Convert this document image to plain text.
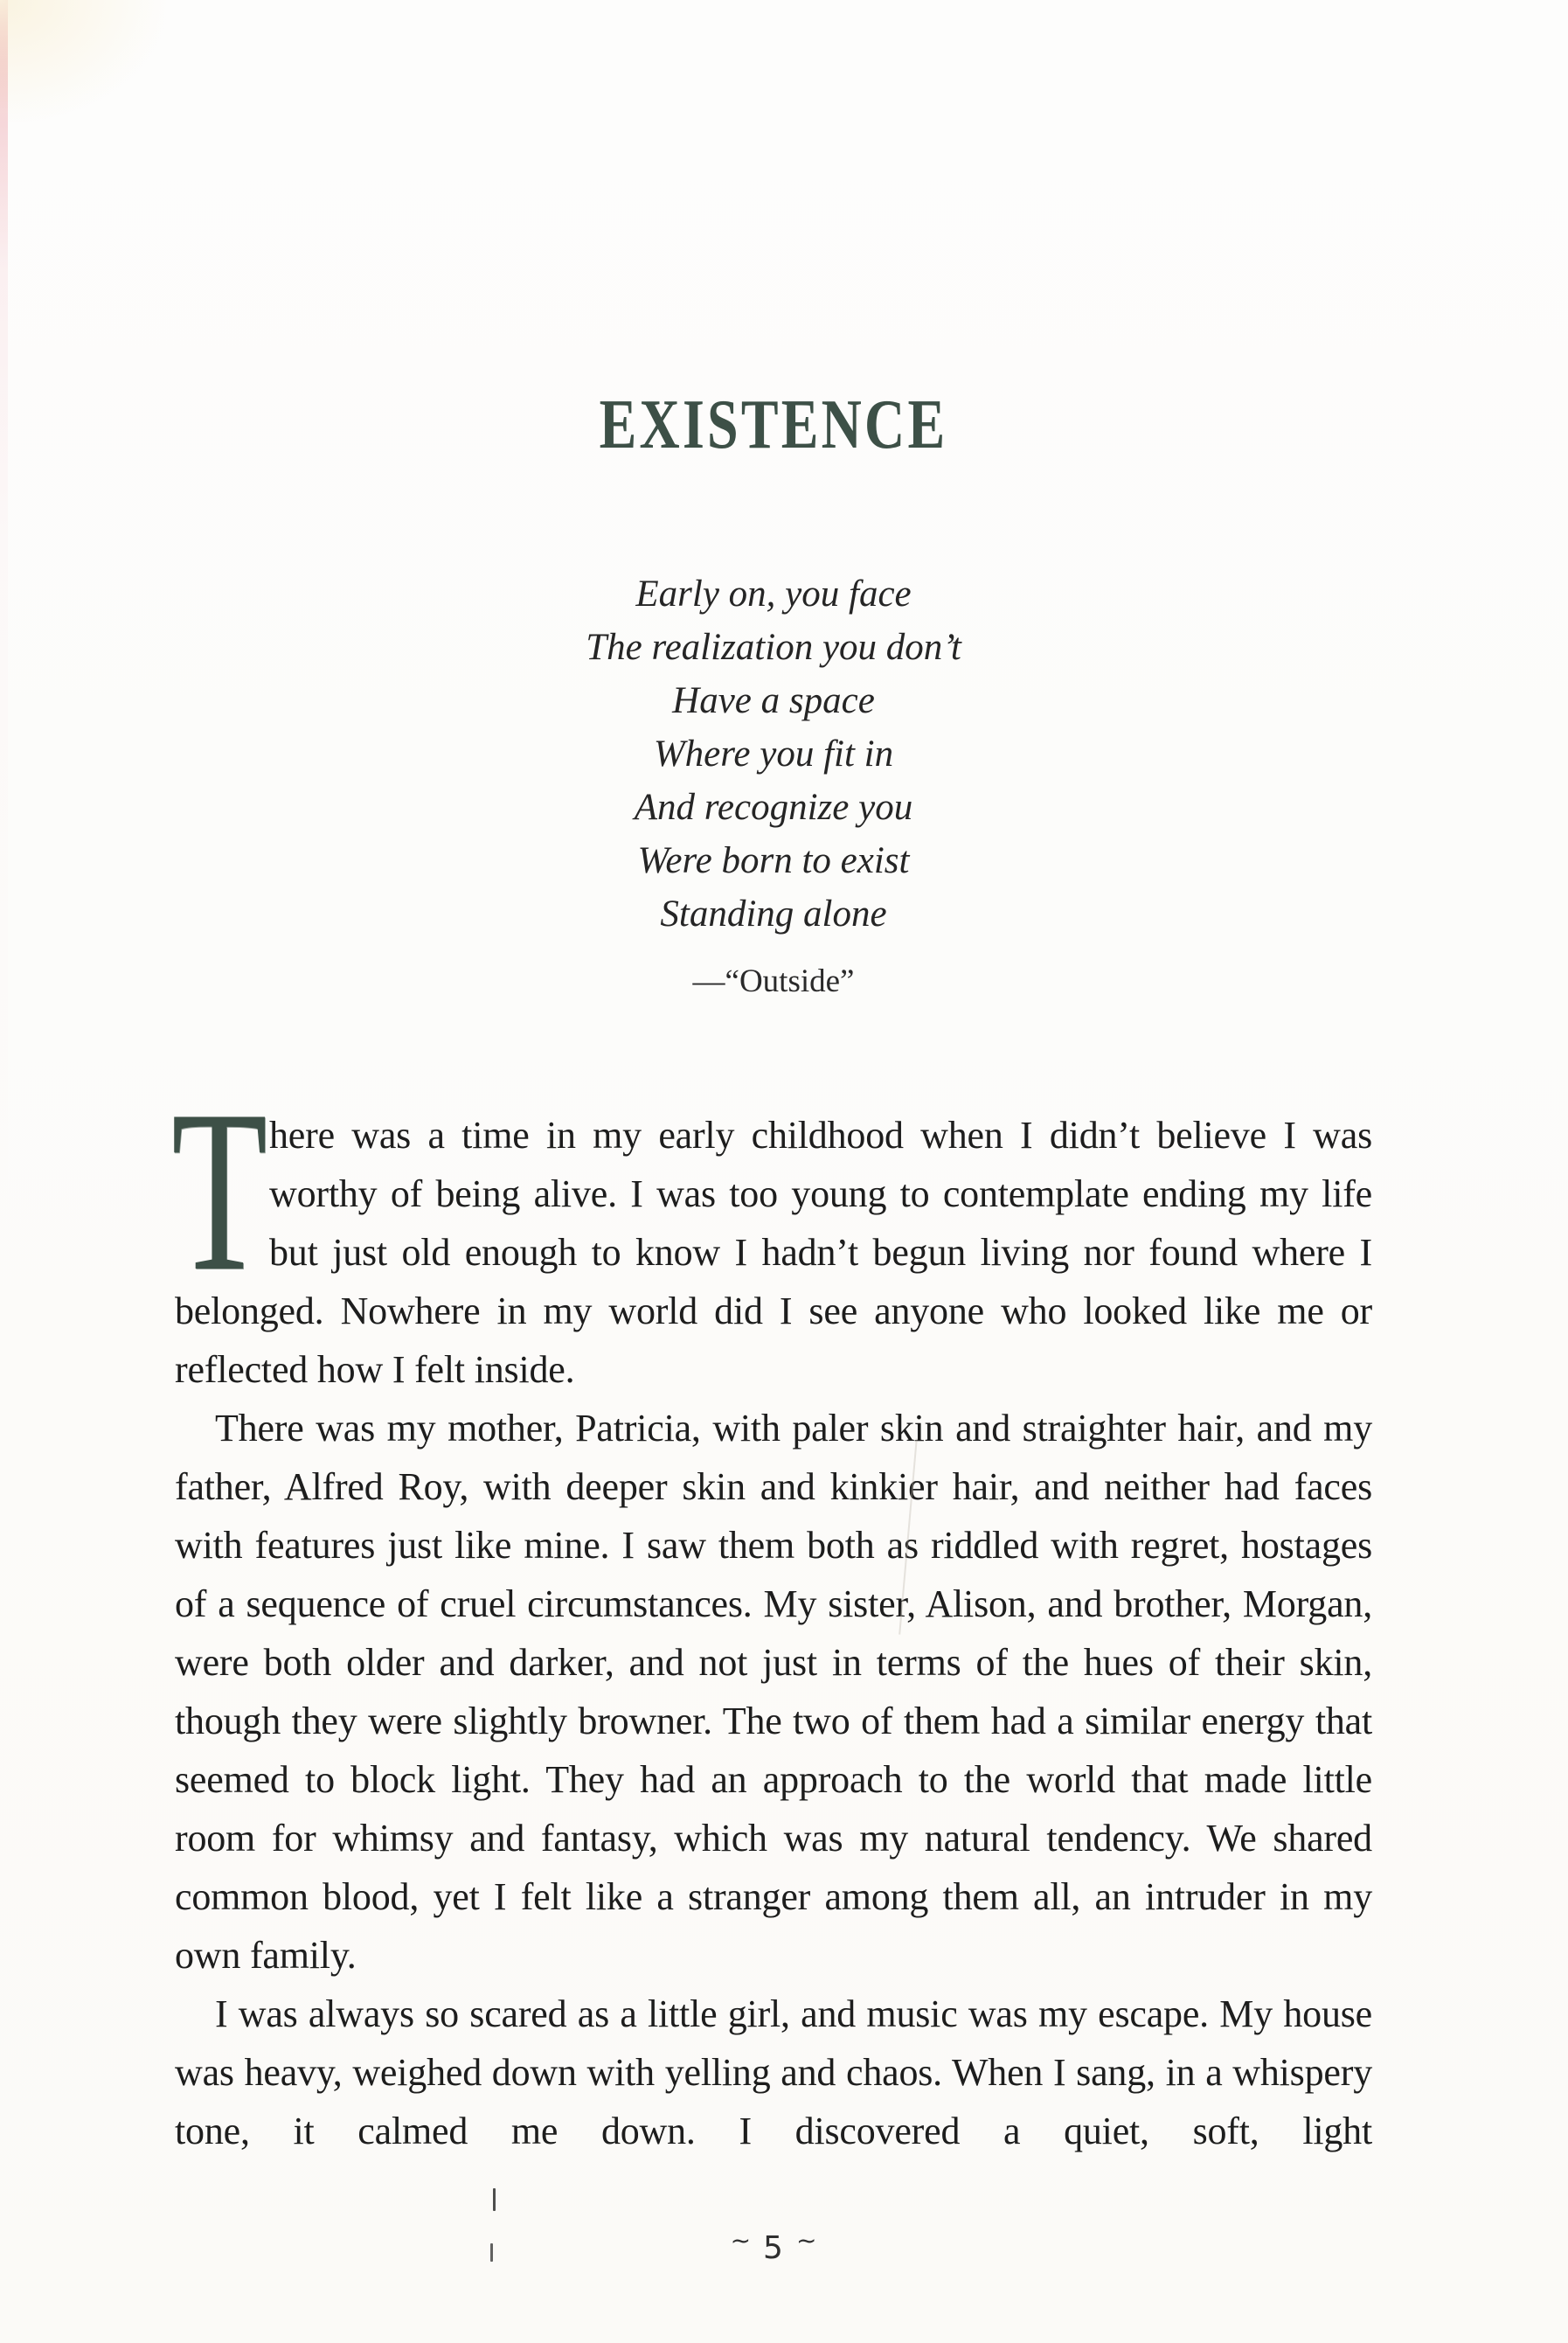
EXISTENCE
Early on, you face
The realization you don’t
Have a space
Where you fit in
And recognize you
Were born to exist
Standing alone
—“Outside”

T here was a time in my early childhood when I didn’t believe I was worthy of being alive. I was too young to contemplate ending my life but just old enough to know I hadn’t begun living nor found where I belonged. Nowhere in my world did I see anyone who looked like me or reflected how I felt inside.

There was my mother, Patricia, with paler skin and straighter hair, and my father, Alfred Roy, with deeper skin and kinkier hair, and neither had faces with features just like mine. I saw them both as riddled with regret, hostages of a sequence of cruel circumstances. My sister, Alison, and brother, Morgan, were both older and darker, and not just in terms of the hues of their skin, though they were slightly browner. The two of them had a similar energy that seemed to block light. They had an approach to the world that made little room for whimsy and fantasy, which was my natural tendency. We shared common blood, yet I felt like a stranger among them all, an intruder in my own family.

I was always so scared as a little girl, and music was my escape. My house was heavy, weighed down with yelling and chaos. When I sang, in a whispery tone, it calmed me down. I discovered a quiet, soft, light

~ 5 ~
